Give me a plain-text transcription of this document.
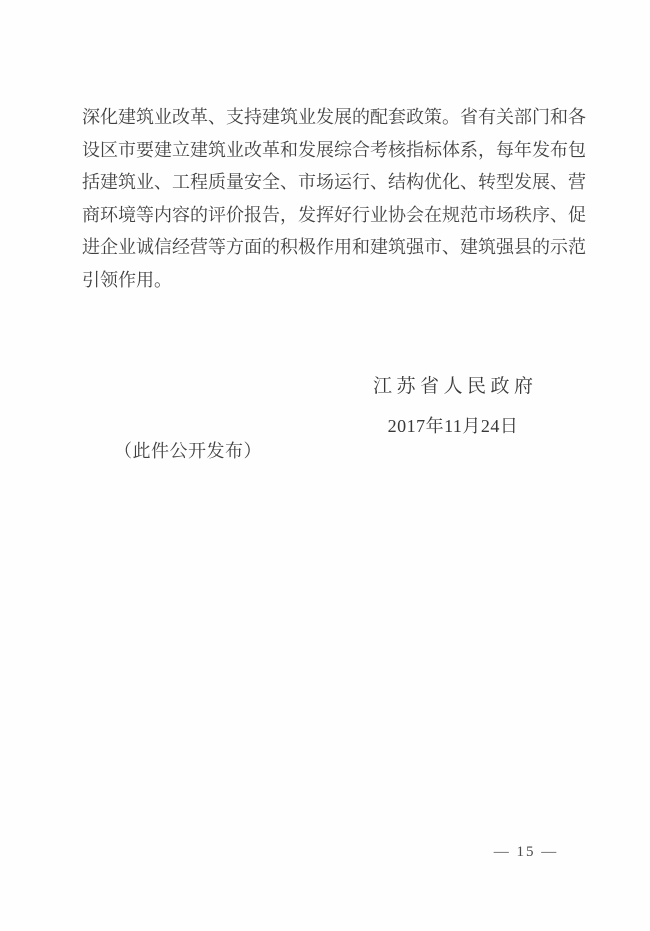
深化建筑业改革、支持建筑业发展的配套政策。省有关部门和各
设区市要建立建筑业改革和发展综合考核指标体系，每年发布包
括建筑业、工程质量安全、市场运行、结构优化、转型发展、营
商环境等内容的评价报告，发挥好行业协会在规范市场秩序、促
进企业诚信经营等方面的积极作用和建筑强市、建筑强县的示范
引领作用。
江苏省人民政府
2017年11月24日
（此件公开发布）
— 15 —
